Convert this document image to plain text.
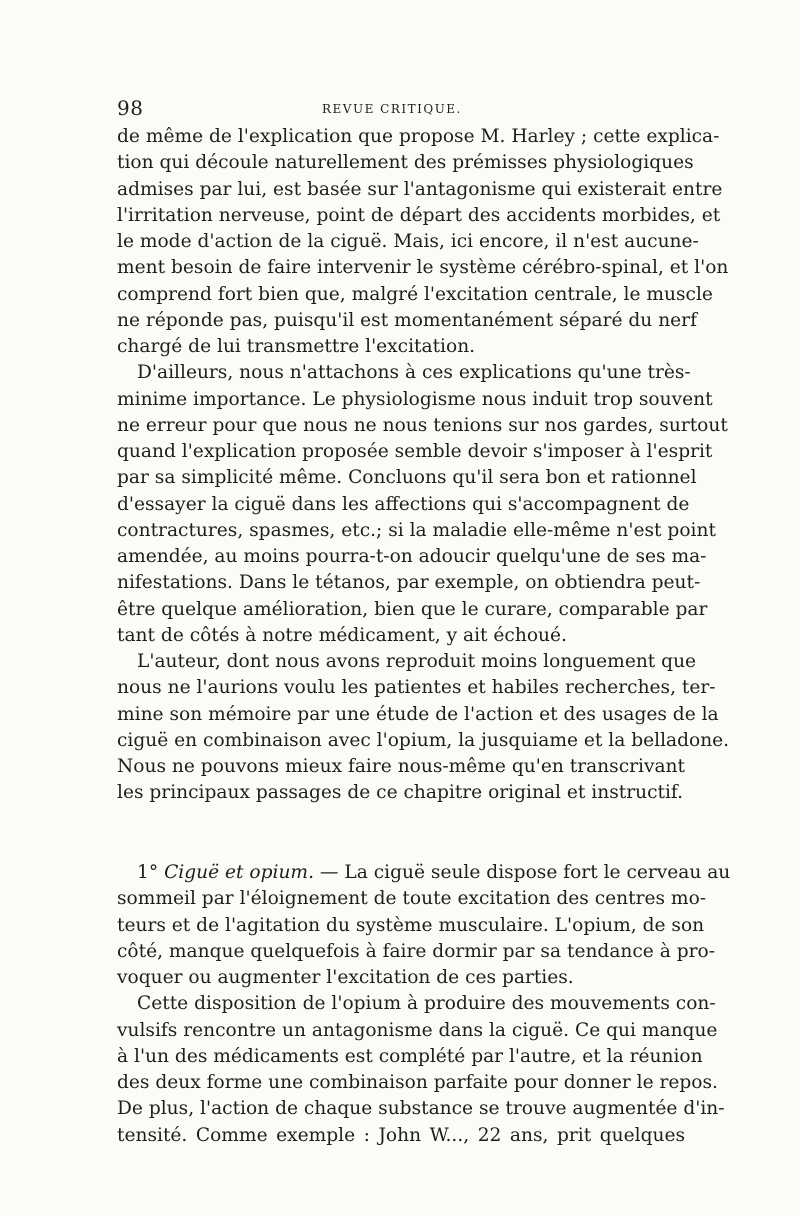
98	REVUE CRITIQUE.
de même de l'explication que propose M. Harley ; cette explica-
tion qui découle naturellement des prémisses physiologiques
admises par lui, est basée sur l'antagonisme qui existerait entre
l'irritation nerveuse, point de départ des accidents morbides, et
le mode d'action de la ciguë. Mais, ici encore, il n'est aucune-
ment besoin de faire intervenir le système cérébro-spinal, et l'on
comprend fort bien que, malgré l'excitation centrale, le muscle
ne réponde pas, puisqu'il est momentanément séparé du nerf
chargé de lui transmettre l'excitation.
D'ailleurs, nous n'attachons à ces explications qu'une très-
minime importance. Le physiologisme nous induit trop souvent
ne erreur pour que nous ne nous tenions sur nos gardes, surtout
quand l'explication proposée semble devoir s'imposer à l'esprit
par sa simplicité même. Concluons qu'il sera bon et rationnel
d'essayer la ciguë dans les affections qui s'accompagnent de
contractures, spasmes, etc.; si la maladie elle-même n'est point
amendée, au moins pourra-t-on adoucir quelqu'une de ses ma-
nifestations. Dans le tétanos, par exemple, on obtiendra peut-
être quelque amélioration, bien que le curare, comparable par
tant de côtés à notre médicament, y ait échoué.
L'auteur, dont nous avons reproduit moins longuement que
nous ne l'aurions voulu les patientes et habiles recherches, ter-
mine son mémoire par une étude de l'action et des usages de la
ciguë en combinaison avec l'opium, la jusquiame et la belladone.
Nous ne pouvons mieux faire nous-même qu'en transcrivant
les principaux passages de ce chapitre original et instructif.
1° Ciguë et opium. — La ciguë seule dispose fort le cerveau au
sommeil par l'éloignement de toute excitation des centres mo-
teurs et de l'agitation du système musculaire. L'opium, de son
côté, manque quelquefois à faire dormir par sa tendance à pro-
voquer ou augmenter l'excitation de ces parties.
Cette disposition de l'opium à produire des mouvements con-
vulsifs rencontre un antagonisme dans la ciguë. Ce qui manque
à l'un des médicaments est complété par l'autre, et la réunion
des deux forme une combinaison parfaite pour donner le repos.
De plus, l'action de chaque substance se trouve augmentée d'in-
tensité. Comme exemple : John W..., 22 ans, prit quelques
